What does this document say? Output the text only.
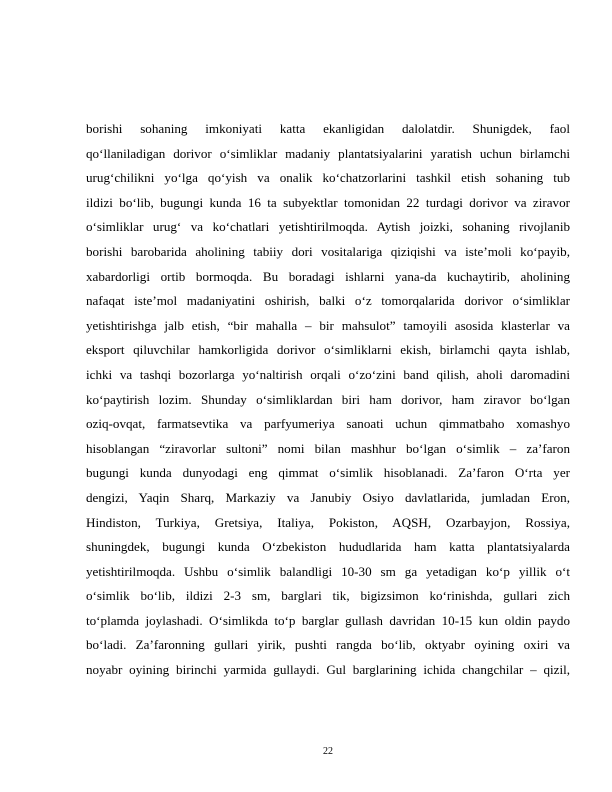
borishi sohaning imkoniyati katta ekanligidan dalolatdir. Shunigdek, faol
qo‘llaniladigan dorivor o‘simliklar madaniy plantatsiyalarini yaratish uchun birlamchi
urug‘chilikni yo‘lga qo‘yish va onalik ko‘chatzorlarini tashkil etish sohaning tub
ildizi bo‘lib, bugungi kunda 16 ta subyektlar tomonidan 22 turdagi dorivor va ziravor
o‘simliklar urug‘ va ko‘chatlari yetishtirilmoqda. Aytish joizki, sohaning rivojlanib
borishi barobarida aholining tabiiy dori vositalariga qiziqishi va iste’moli ko‘payib,
xabardorligi ortib bormoqda. Bu boradagi ishlarni yana-da kuchaytirib, aholining
nafaqat iste’mol madaniyatini oshirish, balki o‘z tomorqalarida dorivor o‘simliklar
yetishtirishga jalb etish, “bir mahalla – bir mahsulot” tamoyili asosida klasterlar va
eksport qiluvchilar hamkorligida dorivor o‘simliklarni ekish, birlamchi qayta ishlab,
ichki va tashqi bozorlarga yo‘naltirish orqali o‘zo‘zini band qilish, aholi daromadini
ko‘paytirish lozim. Shunday o‘simliklardan biri ham dorivor, ham ziravor bo‘lgan
oziq-ovqat, farmatsevtika va parfyumeriya sanoati uchun qimmatbaho xomashyo
hisoblangan “ziravorlar sultoni” nomi bilan mashhur bo‘lgan o‘simlik – za’faron
bugungi kunda dunyodagi eng qimmat o‘simlik hisoblanadi. Za’faron O‘rta yer
dengizi, Yaqin Sharq, Markaziy va Janubiy Osiyo davlatlarida, jumladan Eron,
Hindiston, Turkiya, Gretsiya, Italiya, Pokiston, AQSH, Ozarbayjon, Rossiya,
shuningdek, bugungi kunda O‘zbekiston hududlarida ham katta plantatsiyalarda
yetishtirilmoqda. Ushbu o‘simlik balandligi 10-30 sm ga yetadigan ko‘p yillik o‘t
o‘simlik bo‘lib, ildizi 2-3 sm, barglari tik, bigizsimon ko‘rinishda, gullari zich
to‘plamda joylashadi. O‘simlikda to‘p barglar gullash davridan 10-15 kun oldin paydo
bo‘ladi. Za’faronning gullari yirik, pushti rangda bo‘lib, oktyabr oyining oxiri va
noyabr oyining birinchi yarmida gullaydi. Gul barglarining ichida changchilar – qizil,
22
